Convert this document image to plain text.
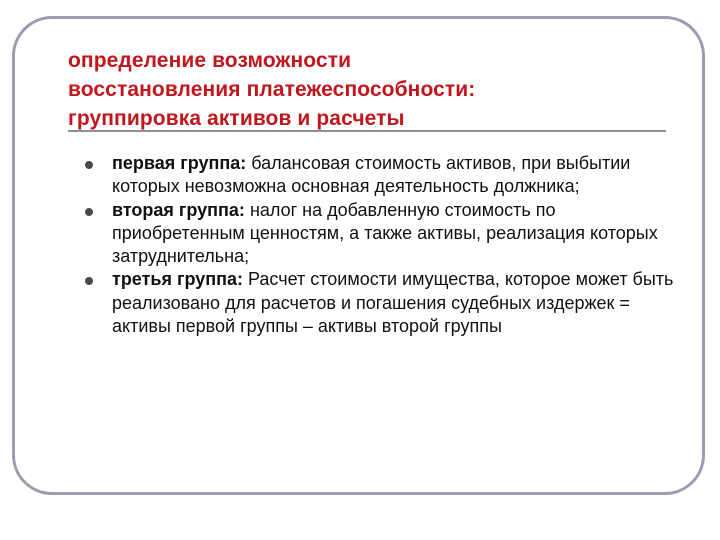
определение возможности
восстановления платежеспособности:
группировка активов и расчеты
первая группа: балансовая стоимость активов, при выбытии которых невозможна основная деятельность должника;
вторая группа: налог на добавленную стоимость по приобретенным ценностям, а также активы, реализация которых затруднительна;
третья группа: Расчет стоимости имущества, которое может быть реализовано для расчетов и погашения судебных издержек = активы первой группы – активы второй группы
